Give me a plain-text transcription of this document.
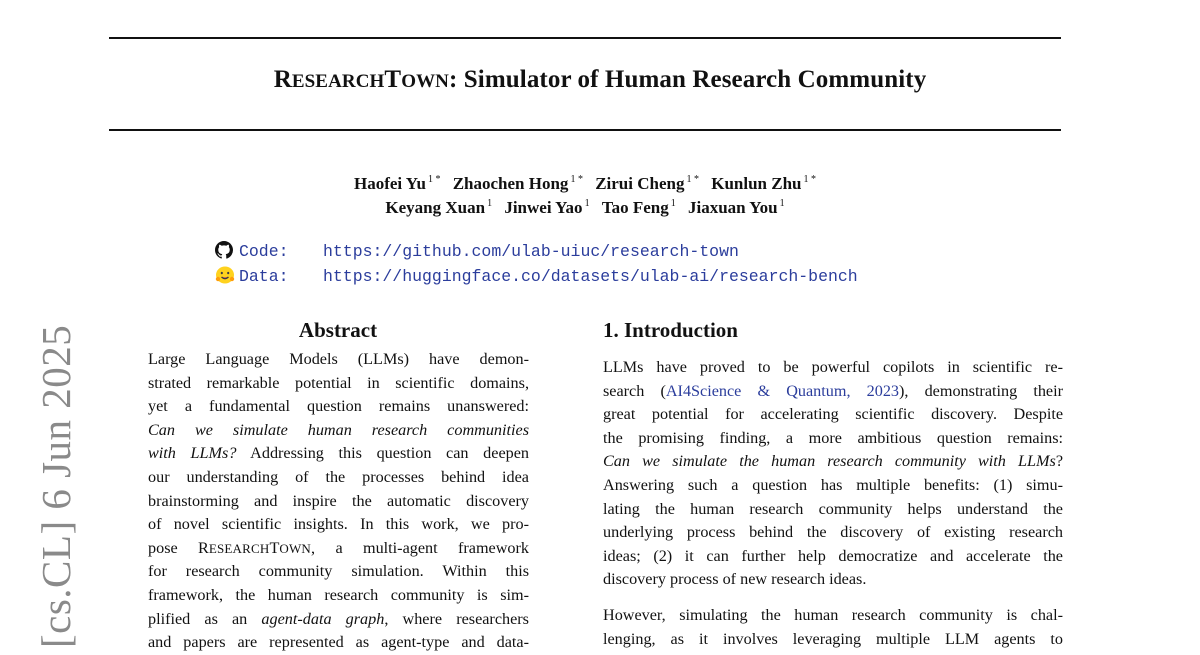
RESEARCHTOWN: Simulator of Human Research Community
Haofei Yu $^{1 *}$ Zhaochen Hong $^{1 *}$ Zirui Cheng $^{1 *}$ Kunlun Zhu $^{1 *}$
Keyang Xuan $^1$ Jinwei Yao $^1$ Tao Feng $^1$ Jiaxuan You $^1$
Code: https://github.com/ulab-uiuc/research-town
Data: https://huggingface.co/datasets/ulab-ai/research-bench
[cs.CL] 6 Jun 2025	Abstract
Large Language Models (LLMs) have demon-
strated remarkable potential in scientific domains,
yet a fundamental question remains unanswered:
Can we simulate human research communities
with LLMs? Addressing this question can deepen
our understanding of the processes behind idea
brainstorming and inspire the automatic discovery
of novel scientific insights. In this work, we pro-
pose RESEARCHTOWN, a multi-agent framework
for research community simulation. Within this
framework, the human research community is sim-
plified as an agent-data graph, where researchers
and papers are represented as agent-type and data-
1. Introduction
LLMs have proved to be powerful copilots in scientific re-
search (AI4Science & Quantum, 2023), demonstrating their
great potential for accelerating scientific discovery. Despite
the promising finding, a more ambitious question remains:
Can we simulate the human research community with LLMs?
Answering such a question has multiple benefits: (1) simu-
lating the human research community helps understand the
underlying process behind the discovery of existing research
ideas; (2) it can further help democratize and accelerate the
discovery process of new research ideas.
However, simulating the human research community is chal-
lenging, as it involves leveraging multiple LLM agents to
